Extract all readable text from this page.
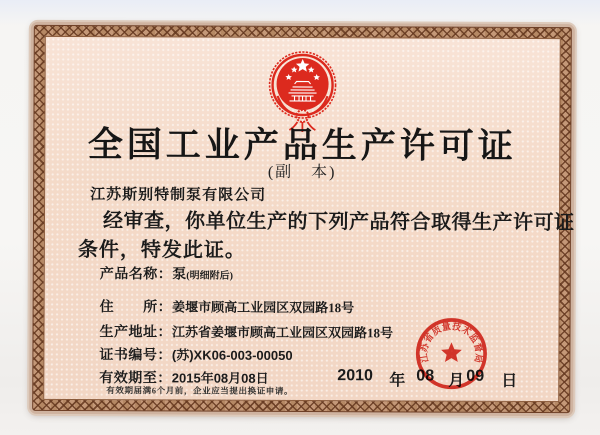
全国工业产品生产许可证
(副　本)
江苏斯别特制泵有限公司
经审查，你单位生产的下列产品符合取得生产许可证
条件，特发此证。
产品名称：泵(明细附后)
住　　所：姜堰市顾高工业园区双园路18号
生产地址：江苏省姜堰市顾高工业园区双园路18号
证书编号：(苏)XK06-003-00050
有效期至：2015年08月08日	2010 年 08 月 09 日
有效期届满6个月前，企业应当提出换证申请。
江苏省质量技术监督局
